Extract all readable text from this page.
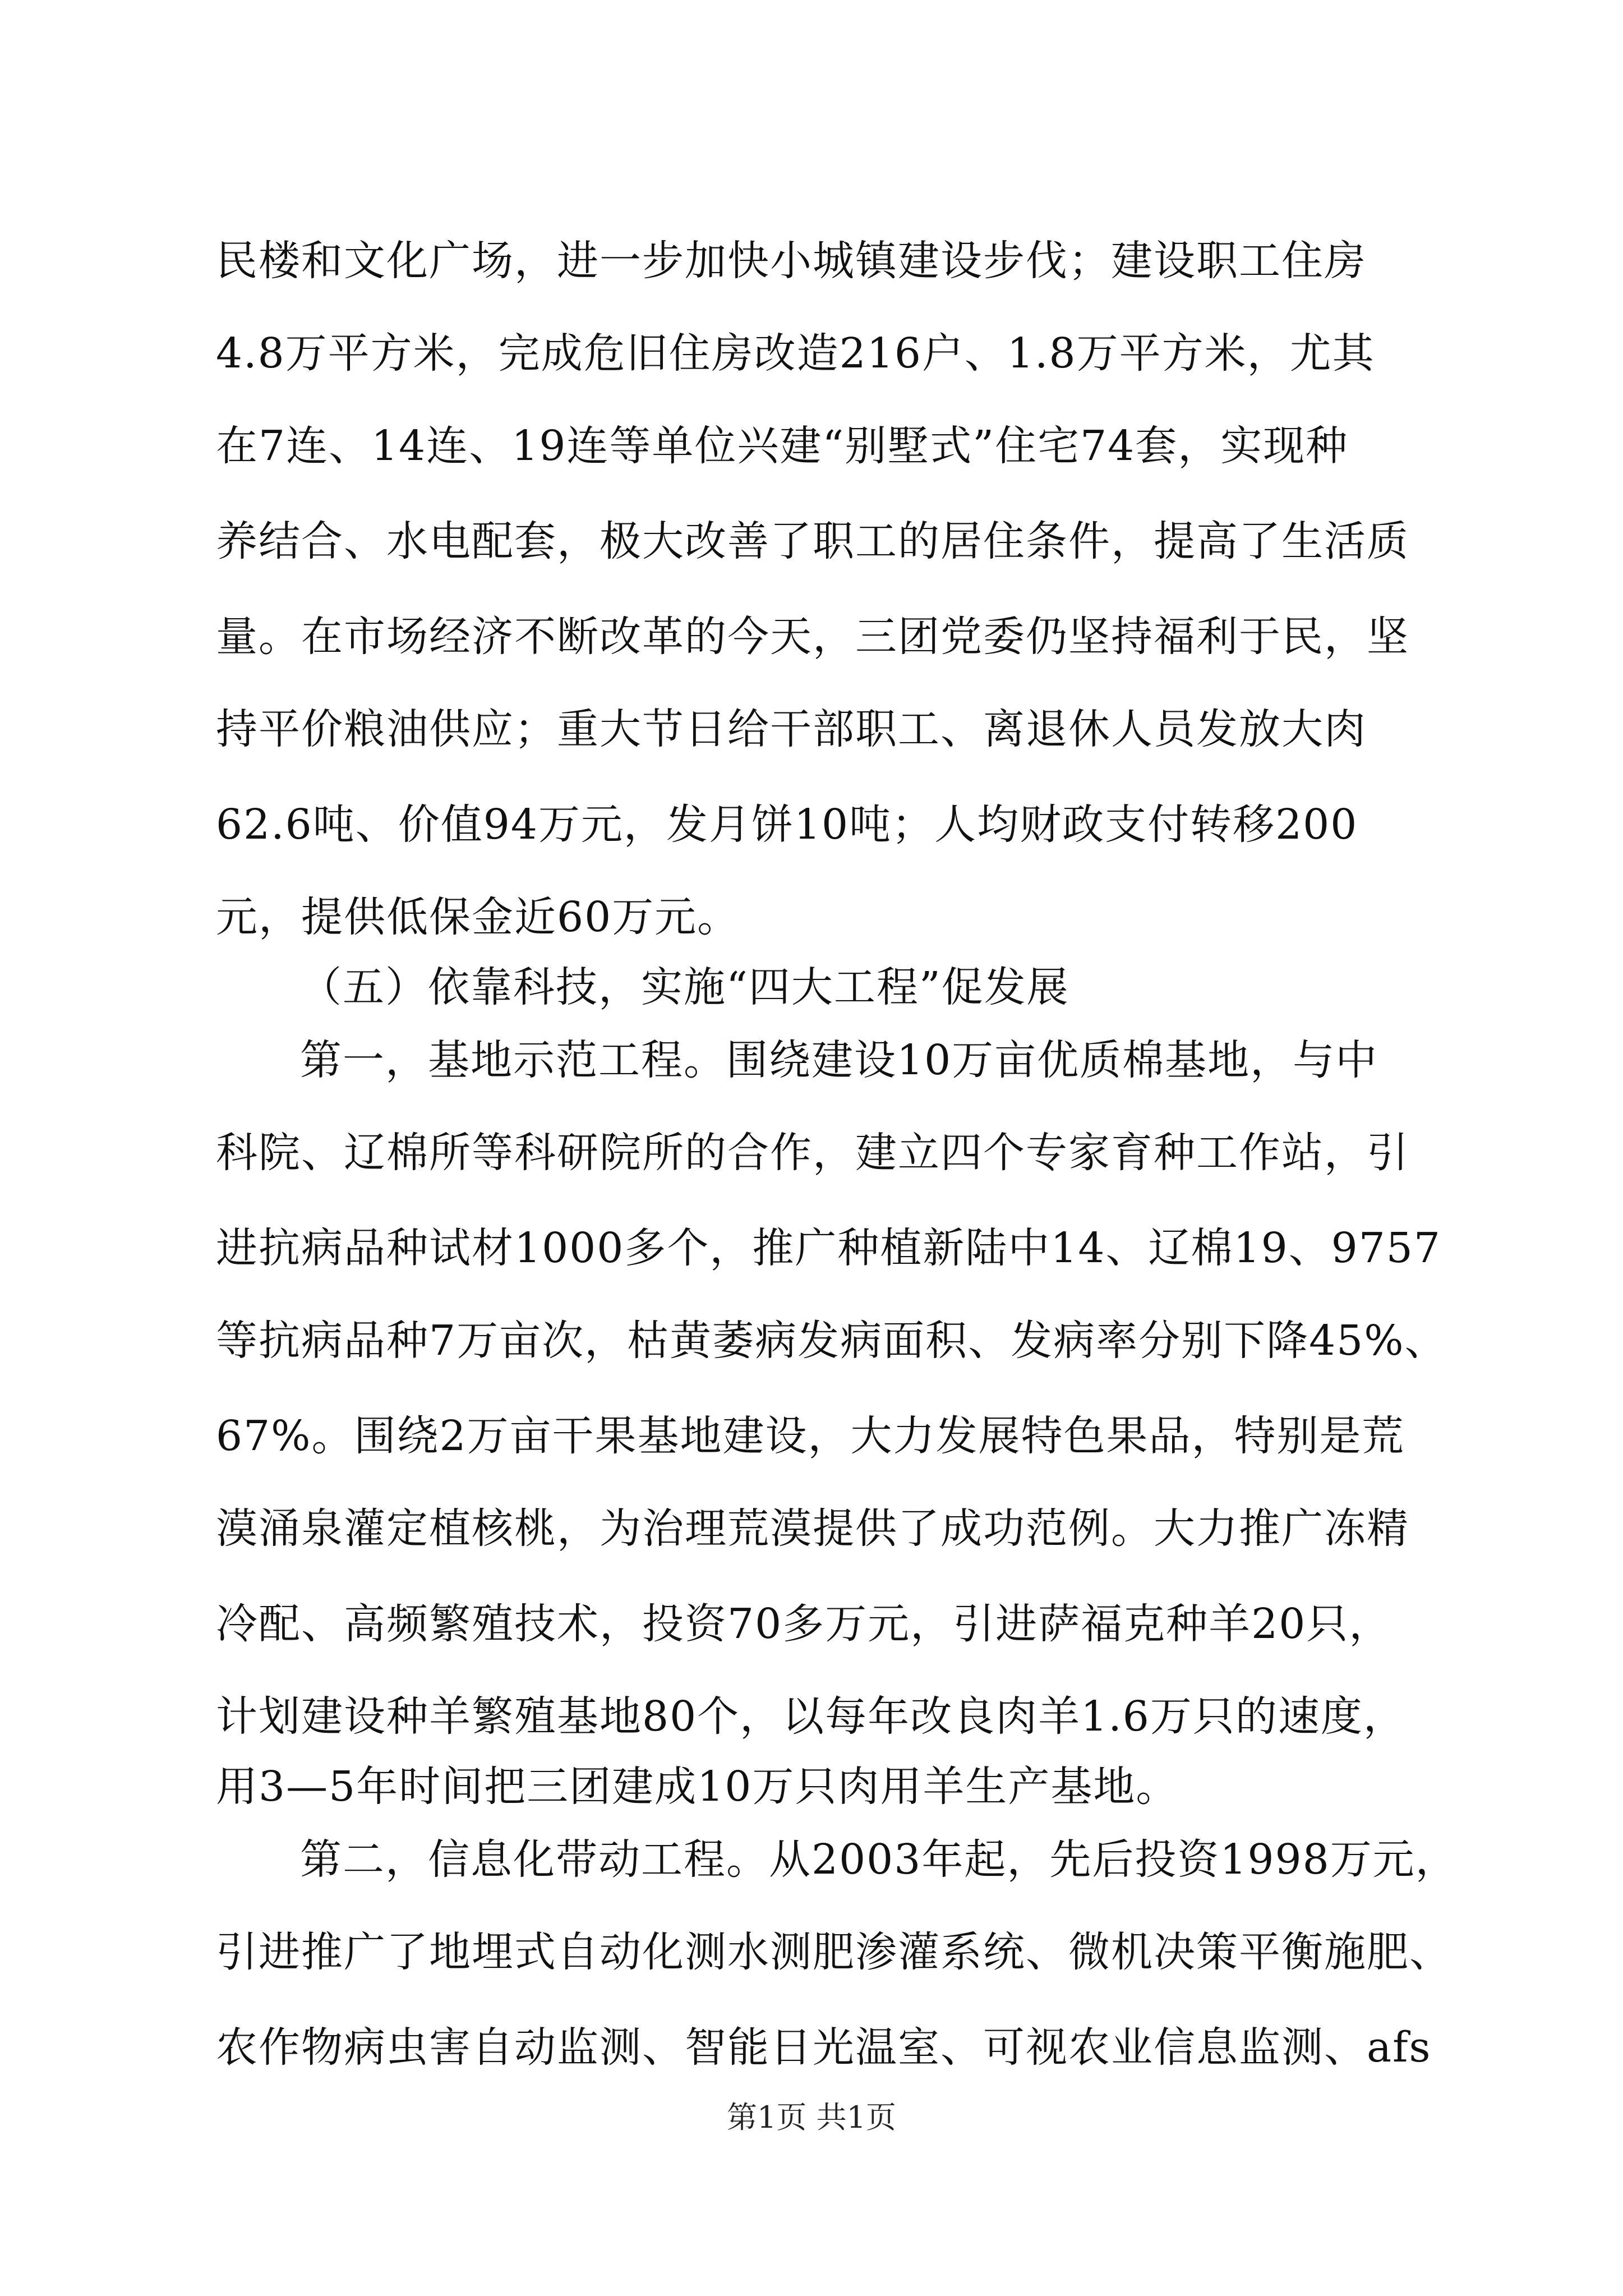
民楼和文化广场，进一步加快小城镇建设步伐；建设职工住房
4.8万平方米，完成危旧住房改造216户、1.8万平方米，尤其
在7连、14连、19连等单位兴建“别墅式”住宅74套，实现种
养结合、水电配套，极大改善了职工的居住条件，提高了生活质
量。在市场经济不断改革的今天，三团党委仍坚持福利于民，坚
持平价粮油供应；重大节日给干部职工、离退休人员发放大肉
62.6吨、价值94万元，发月饼10吨；人均财政支付转移200
元，提供低保金近60万元。
（五）依靠科技，实施“四大工程”促发展
第一，基地示范工程。围绕建设10万亩优质棉基地，与中
科院、辽棉所等科研院所的合作，建立四个专家育种工作站，引
进抗病品种试材1000多个，推广种植新陆中14、辽棉19、9757
等抗病品种7万亩次，枯黄萎病发病面积、发病率分别下降45%、
67%。围绕2万亩干果基地建设，大力发展特色果品，特别是荒
漠涌泉灌定植核桃，为治理荒漠提供了成功范例。大力推广冻精
冷配、高频繁殖技术，投资70多万元，引进萨福克种羊20只，
计划建设种羊繁殖基地80个，以每年改良肉羊1.6万只的速度，
用3—5年时间把三团建成10万只肉用羊生产基地。
第二，信息化带动工程。从2003年起，先后投资1998万元，
引进推广了地埋式自动化测水测肥渗灌系统、微机决策平衡施肥、
农作物病虫害自动监测、智能日光温室、可视农业信息监测、afs
第1页 共1页
